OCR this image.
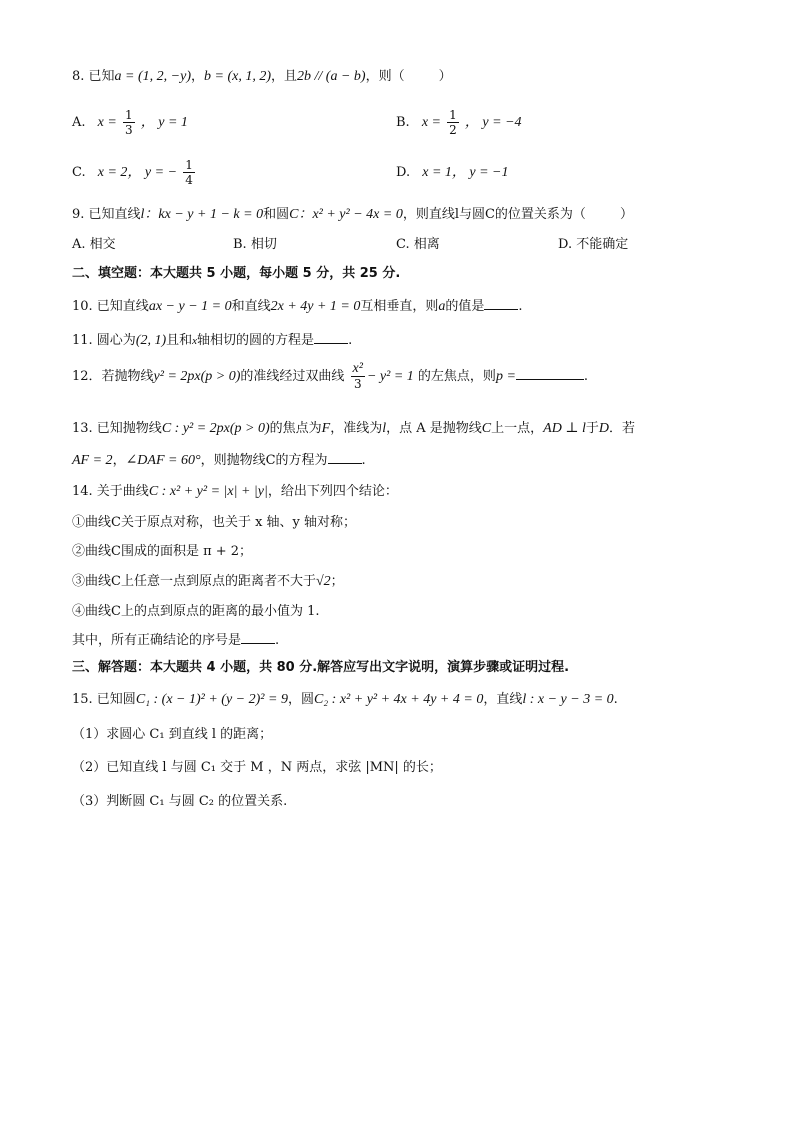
8. 已知a = (1, 2, −y)，b = (x, 1, 2)，且2b // (a − b)，则（	）
A. $x = \frac{1}{3}$ ， y = 1	B. $x = \frac{1}{2}$ ， y = −4
C. x = 2， y = − $\frac{1}{4}$	D. x = 1， y = −1
9. 已知直线l：kx − y + 1 − k = 0和圆C：x² + y² − 4x = 0，则直线l与圆C的位置关系为（	）
A. 相交	B. 相切	C. 相离	D. 不能确定
二、填空题：本大题共 5 小题，每小题 5 分，共 25 分.
10. 已知直线ax − y − 1 = 0和直线2x + 4y + 1 = 0互相垂直，则a的值是	.
11. 圆心为(2, 1)且和x轴相切的圆的方程是	.
12．若抛物线y² = 2px(p > 0)的准线经过双曲线 $\frac{\text{x²}}{3} - y^2 = 1$ 的左焦点，则p =	.
13. 已知抛物线C : y² = 2px(p > 0)的焦点为F，准线为l，点 A 是抛物线C上一点，AD ⊥ l于D．若
AF = 2，∠DAF = 60°，则抛物线C的方程为	.
14. 关于曲线C : x² + y² = |x| + |y|，给出下列四个结论：
①曲线C关于原点对称，也关于 x 轴、y 轴对称；
②曲线C围成的面积是 π + 2；
③曲线C上任意一点到原点的距离者不大于√2；
④曲线C上的点到原点的距离的最小值为 1.
其中，所有正确结论的序号是	.
三、解答题：本大题共 4 小题，共 80 分.解答应写出文字说明，演算步骤或证明过程.
15. 已知圆C₁ : (x − 1)² + (y − 2)² = 9，圆C₂ : x² + y² + 4x + 4y + 4 = 0，直线l : x − y − 3 = 0.
（1）求圆心 C₁ 到直线 l 的距离；
（2）已知直线 l 与圆 C₁ 交于 M ，N 两点，求弦 |MN| 的长；
（3）判断圆 C₁ 与圆 C₂ 的位置关系.
